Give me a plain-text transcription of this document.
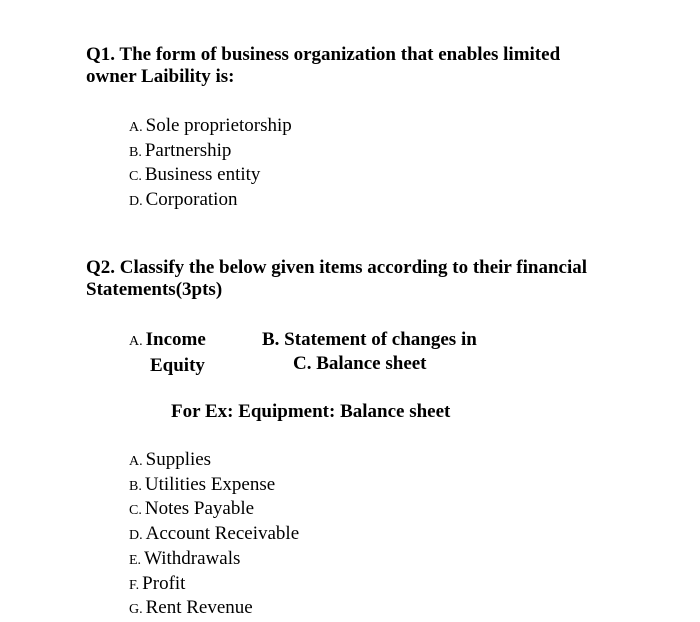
Q1. The form of business organization that enables limited
owner Laibility is:

A. Sole proprietorship
B. Partnership
C. Business entity
D. Corporation

Q2. Classify the below given items according to their financial
Statements(3pts)

A. Income
Equity
B. Statement of changes in
C. Balance sheet
For Ex: Equipment: Balance sheet
A. Supplies
B. Utilities Expense
C. Notes Payable
D. Account Receivable
E. Withdrawals
F. Profit
G. Rent Revenue
